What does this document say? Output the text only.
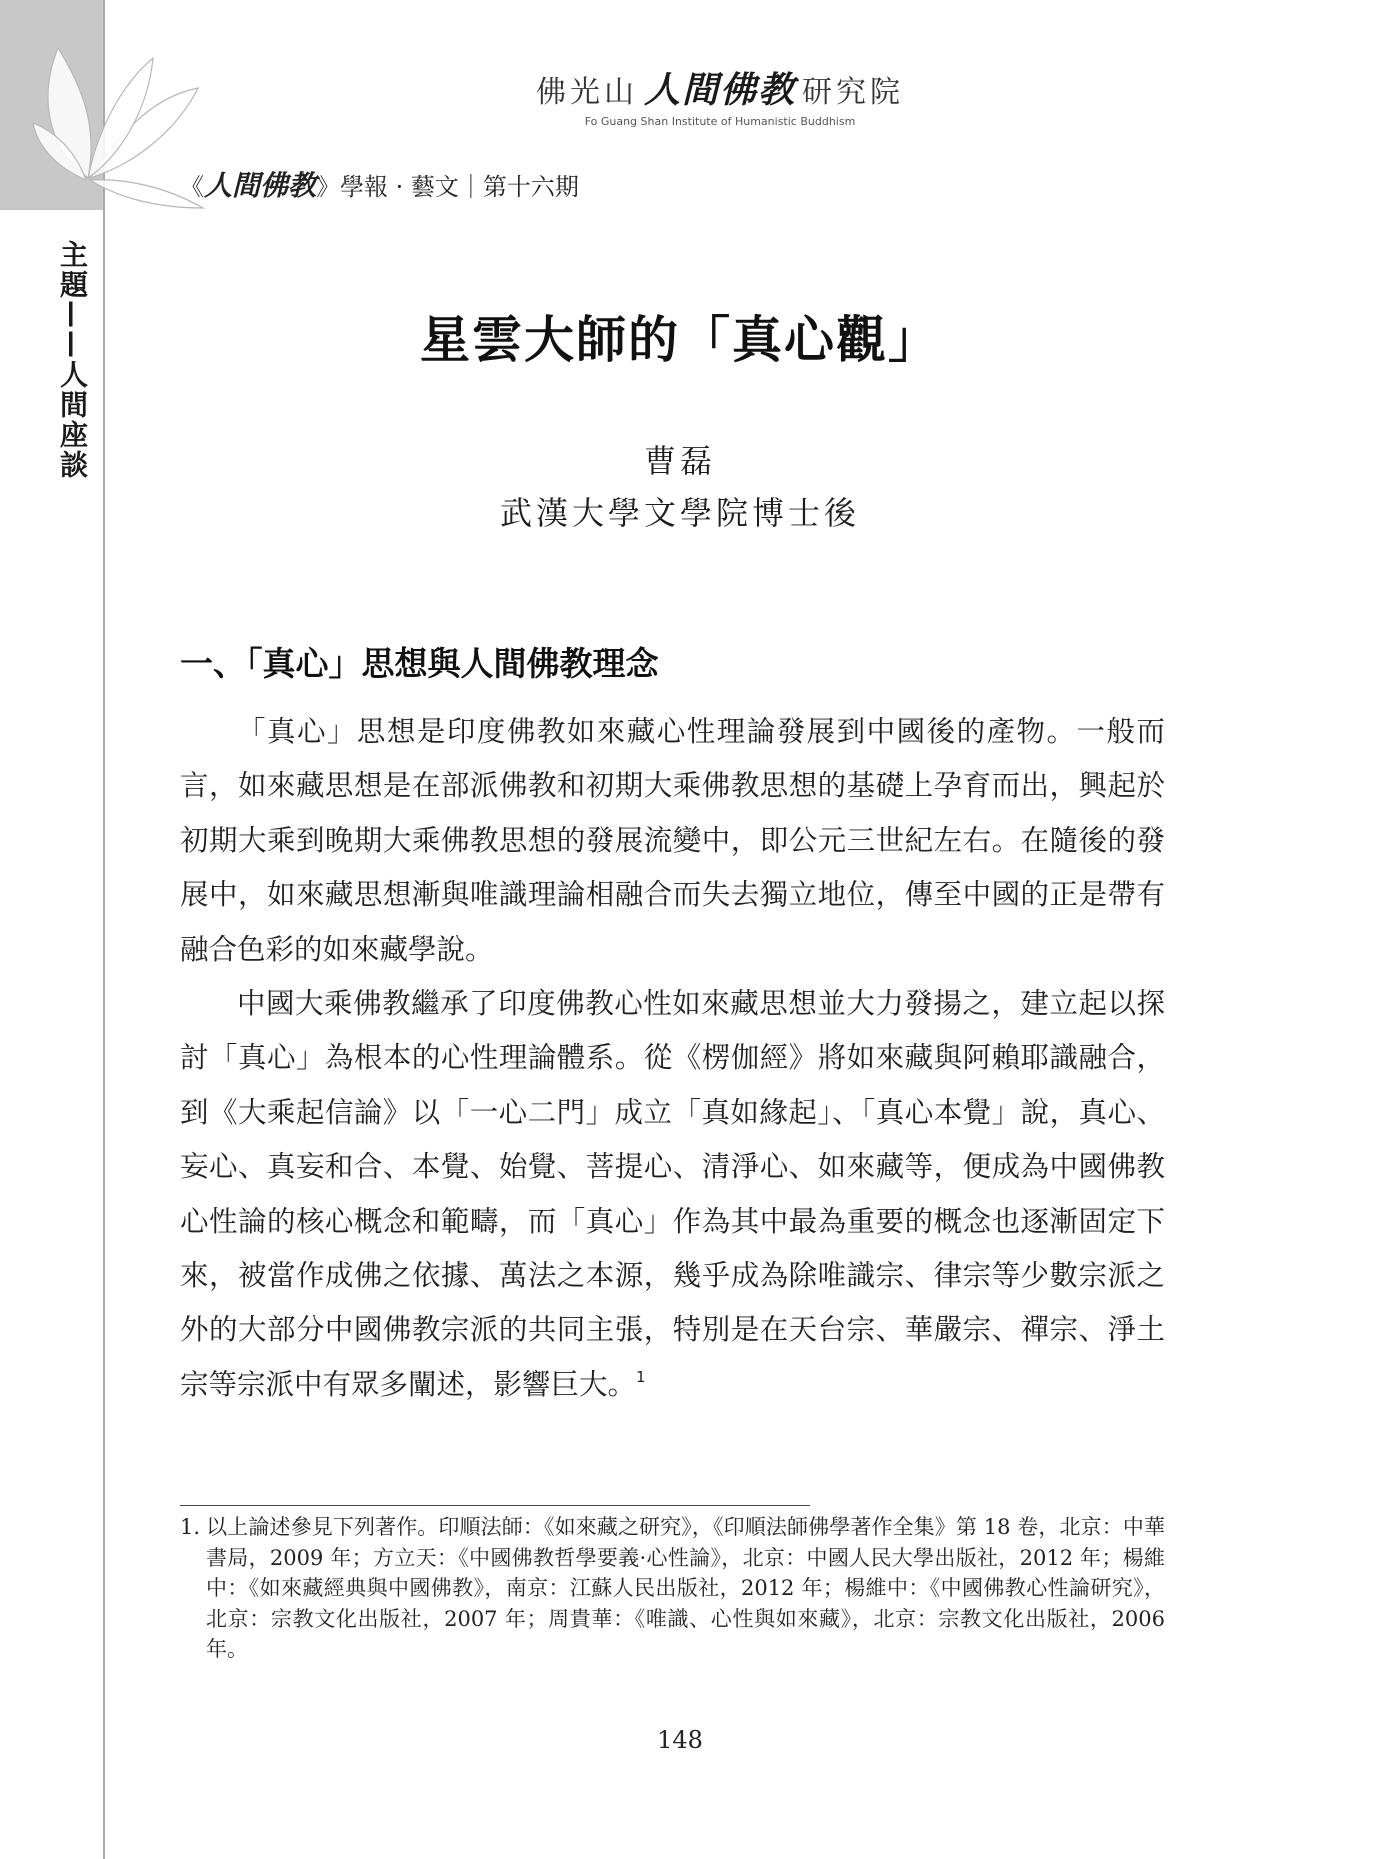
主題——人間座談
佛光山 人間佛教 研究院
Fo Guang Shan Institute of Humanistic Buddhism
《人間佛教》學報 · 藝文｜第十六期
星雲大師的「真心觀」
曹磊
武漢大學文學院博士後
一、「真心」思想與人間佛教理念

「真心」思想是印度佛教如來藏心性理論發展到中國後的產物。一般而言，如來藏思想是在部派佛教和初期大乘佛教思想的基礎上孕育而出，興起於初期大乘到晚期大乘佛教思想的發展流變中，即公元三世紀左右。在隨後的發展中，如來藏思想漸與唯識理論相融合而失去獨立地位，傳至中國的正是帶有融合色彩的如來藏學說。

中國大乘佛教繼承了印度佛教心性如來藏思想並大力發揚之，建立起以探討「真心」為根本的心性理論體系。從《楞伽經》將如來藏與阿賴耶識融合，到《大乘起信論》以「一心二門」成立「真如緣起」、「真心本覺」說，真心、妄心、真妄和合、本覺、始覺、菩提心、清淨心、如來藏等，便成為中國佛教心性論的核心概念和範疇，而「真心」作為其中最為重要的概念也逐漸固定下來，被當作成佛之依據、萬法之本源，幾乎成為除唯識宗、律宗等少數宗派之外的大部分中國佛教宗派的共同主張，特別是在天台宗、華嚴宗、禪宗、淨土宗等宗派中有眾多闡述，影響巨大。$^1$

1. 以上論述參見下列著作。印順法師：《如來藏之研究》，《印順法師佛學著作全集》第 18 卷，北京：中華書局，2009 年；方立天：《中國佛教哲學要義·心性論》，北京：中國人民大學出版社，2012 年；楊維中：《如來藏經典與中國佛教》，南京：江蘇人民出版社，2012 年；楊維中：《中國佛教心性論研究》，北京：宗教文化出版社，2007 年；周貴華：《唯識、心性與如來藏》，北京：宗教文化出版社，2006 年。
148
